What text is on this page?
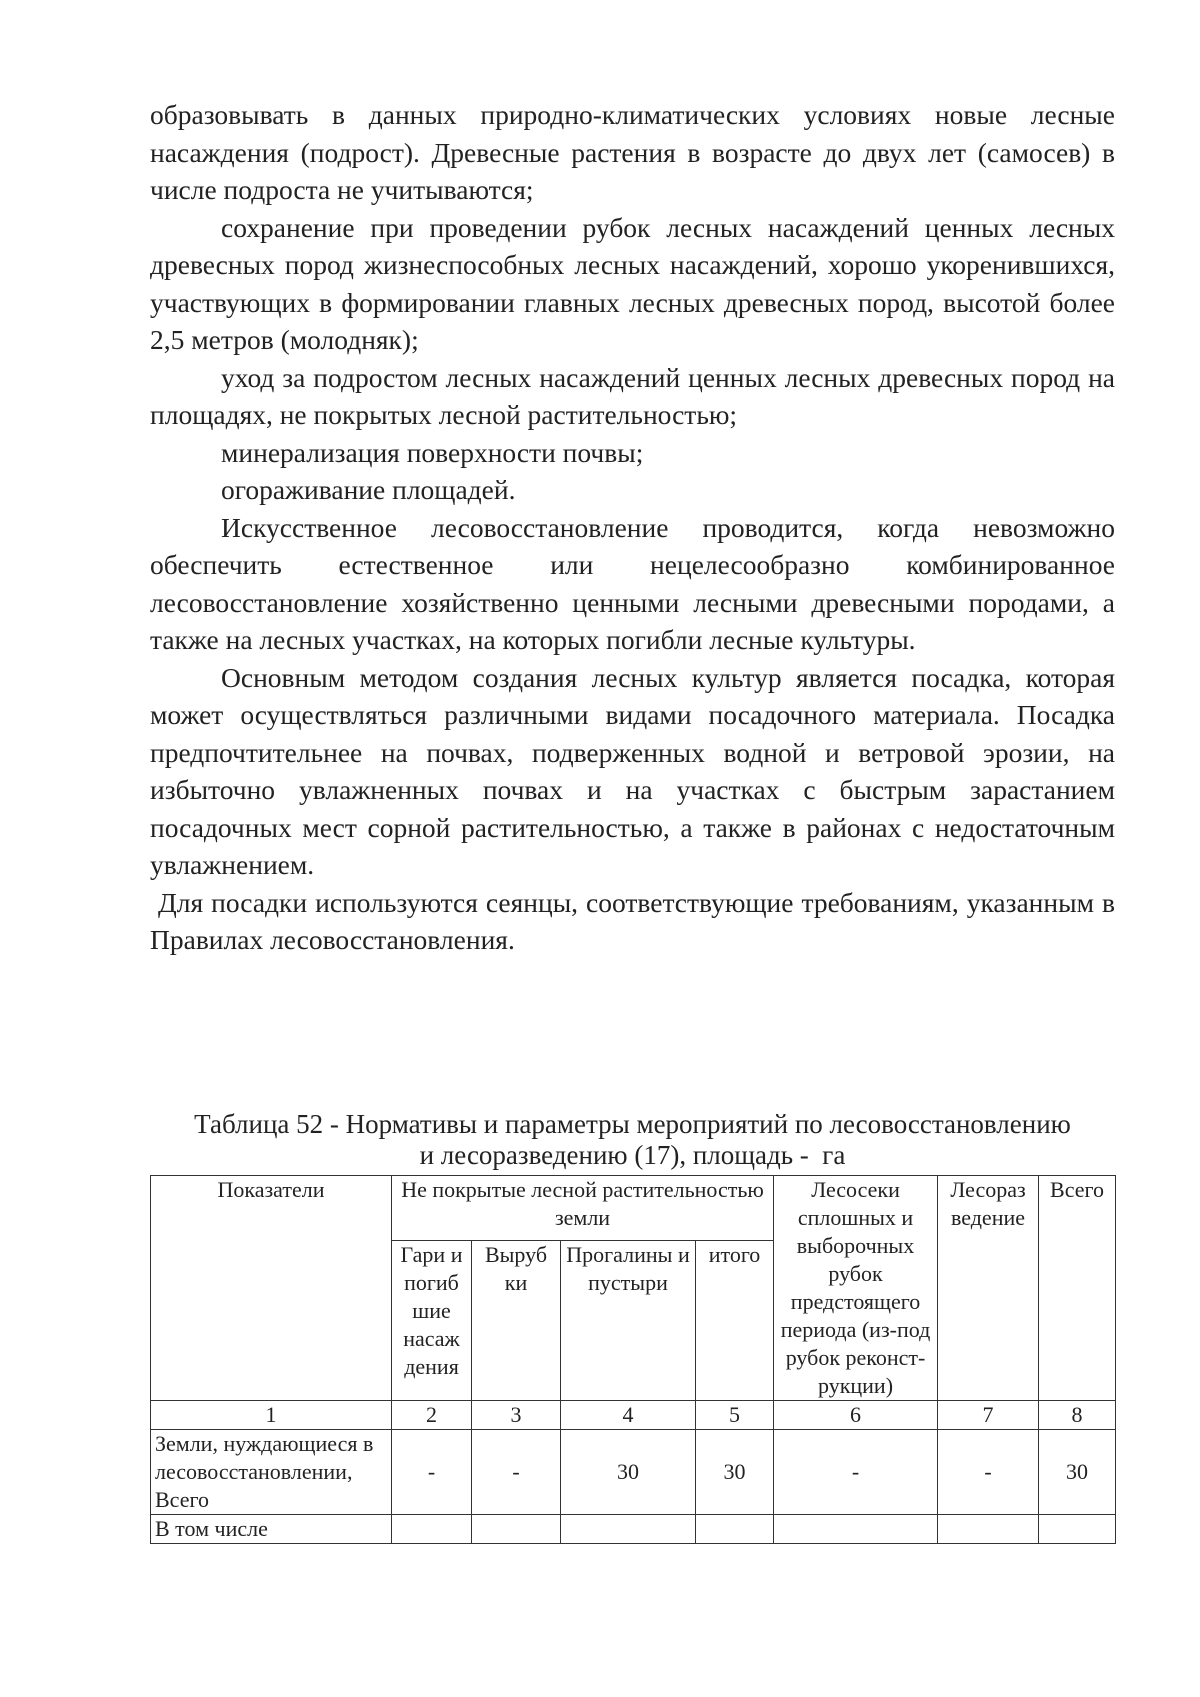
образовывать в данных природно-климатических условиях новые лесные насаждения (подрост). Древесные растения в возрасте до двух лет (самосев) в числе подроста не учитываются;

сохранение при проведении рубок лесных насаждений ценных лесных древесных пород жизнеспособных лесных насаждений, хорошо укоренившихся, участвующих в формировании главных лесных древесных пород, высотой более 2,5 метров (молодняк);

уход за подростом лесных насаждений ценных лесных древесных пород на площадях, не покрытых лесной растительностью;

минерализация поверхности почвы;

огораживание площадей.

Искусственное лесовосстановление проводится, когда невозможно обеспечить естественное или нецелесообразно комбинированное лесовосстановление хозяйственно ценными лесными древесными породами, а также на лесных участках, на которых погибли лесные культуры.

Основным методом создания лесных культур является посадка, которая может осуществляться различными видами посадочного материала. Посадка предпочтительнее на почвах, подверженных водной и ветровой эрозии, на избыточно увлажненных почвах и на участках с быстрым зарастанием посадочных мест сорной растительностью, а также в районах с недостаточным увлажнением.

Для посадки используются сеянцы, соответствующие требованиям, указанным в Правилах лесовосстановления.

Таблица 52 - Нормативы и параметры мероприятий по лесовосстановлению
и лесоразведению (17), площадь -  га

Показатели	Не покрытые лесной растительностью земли				Лесосеки сплошных и выборочных рубок предстоящего периода (из-под рубок реконст-рукции)	Лесораз ведение	Всего
	Гари и погиб шие насаж дения	Выруб ки	Прогалины и пустыри	итого			
1	2	3	4	5	6	7	8
Земли, нуждающиеся в лесовосстановлении, Всего	-	-	30	30	-	-	30
В том числе							
